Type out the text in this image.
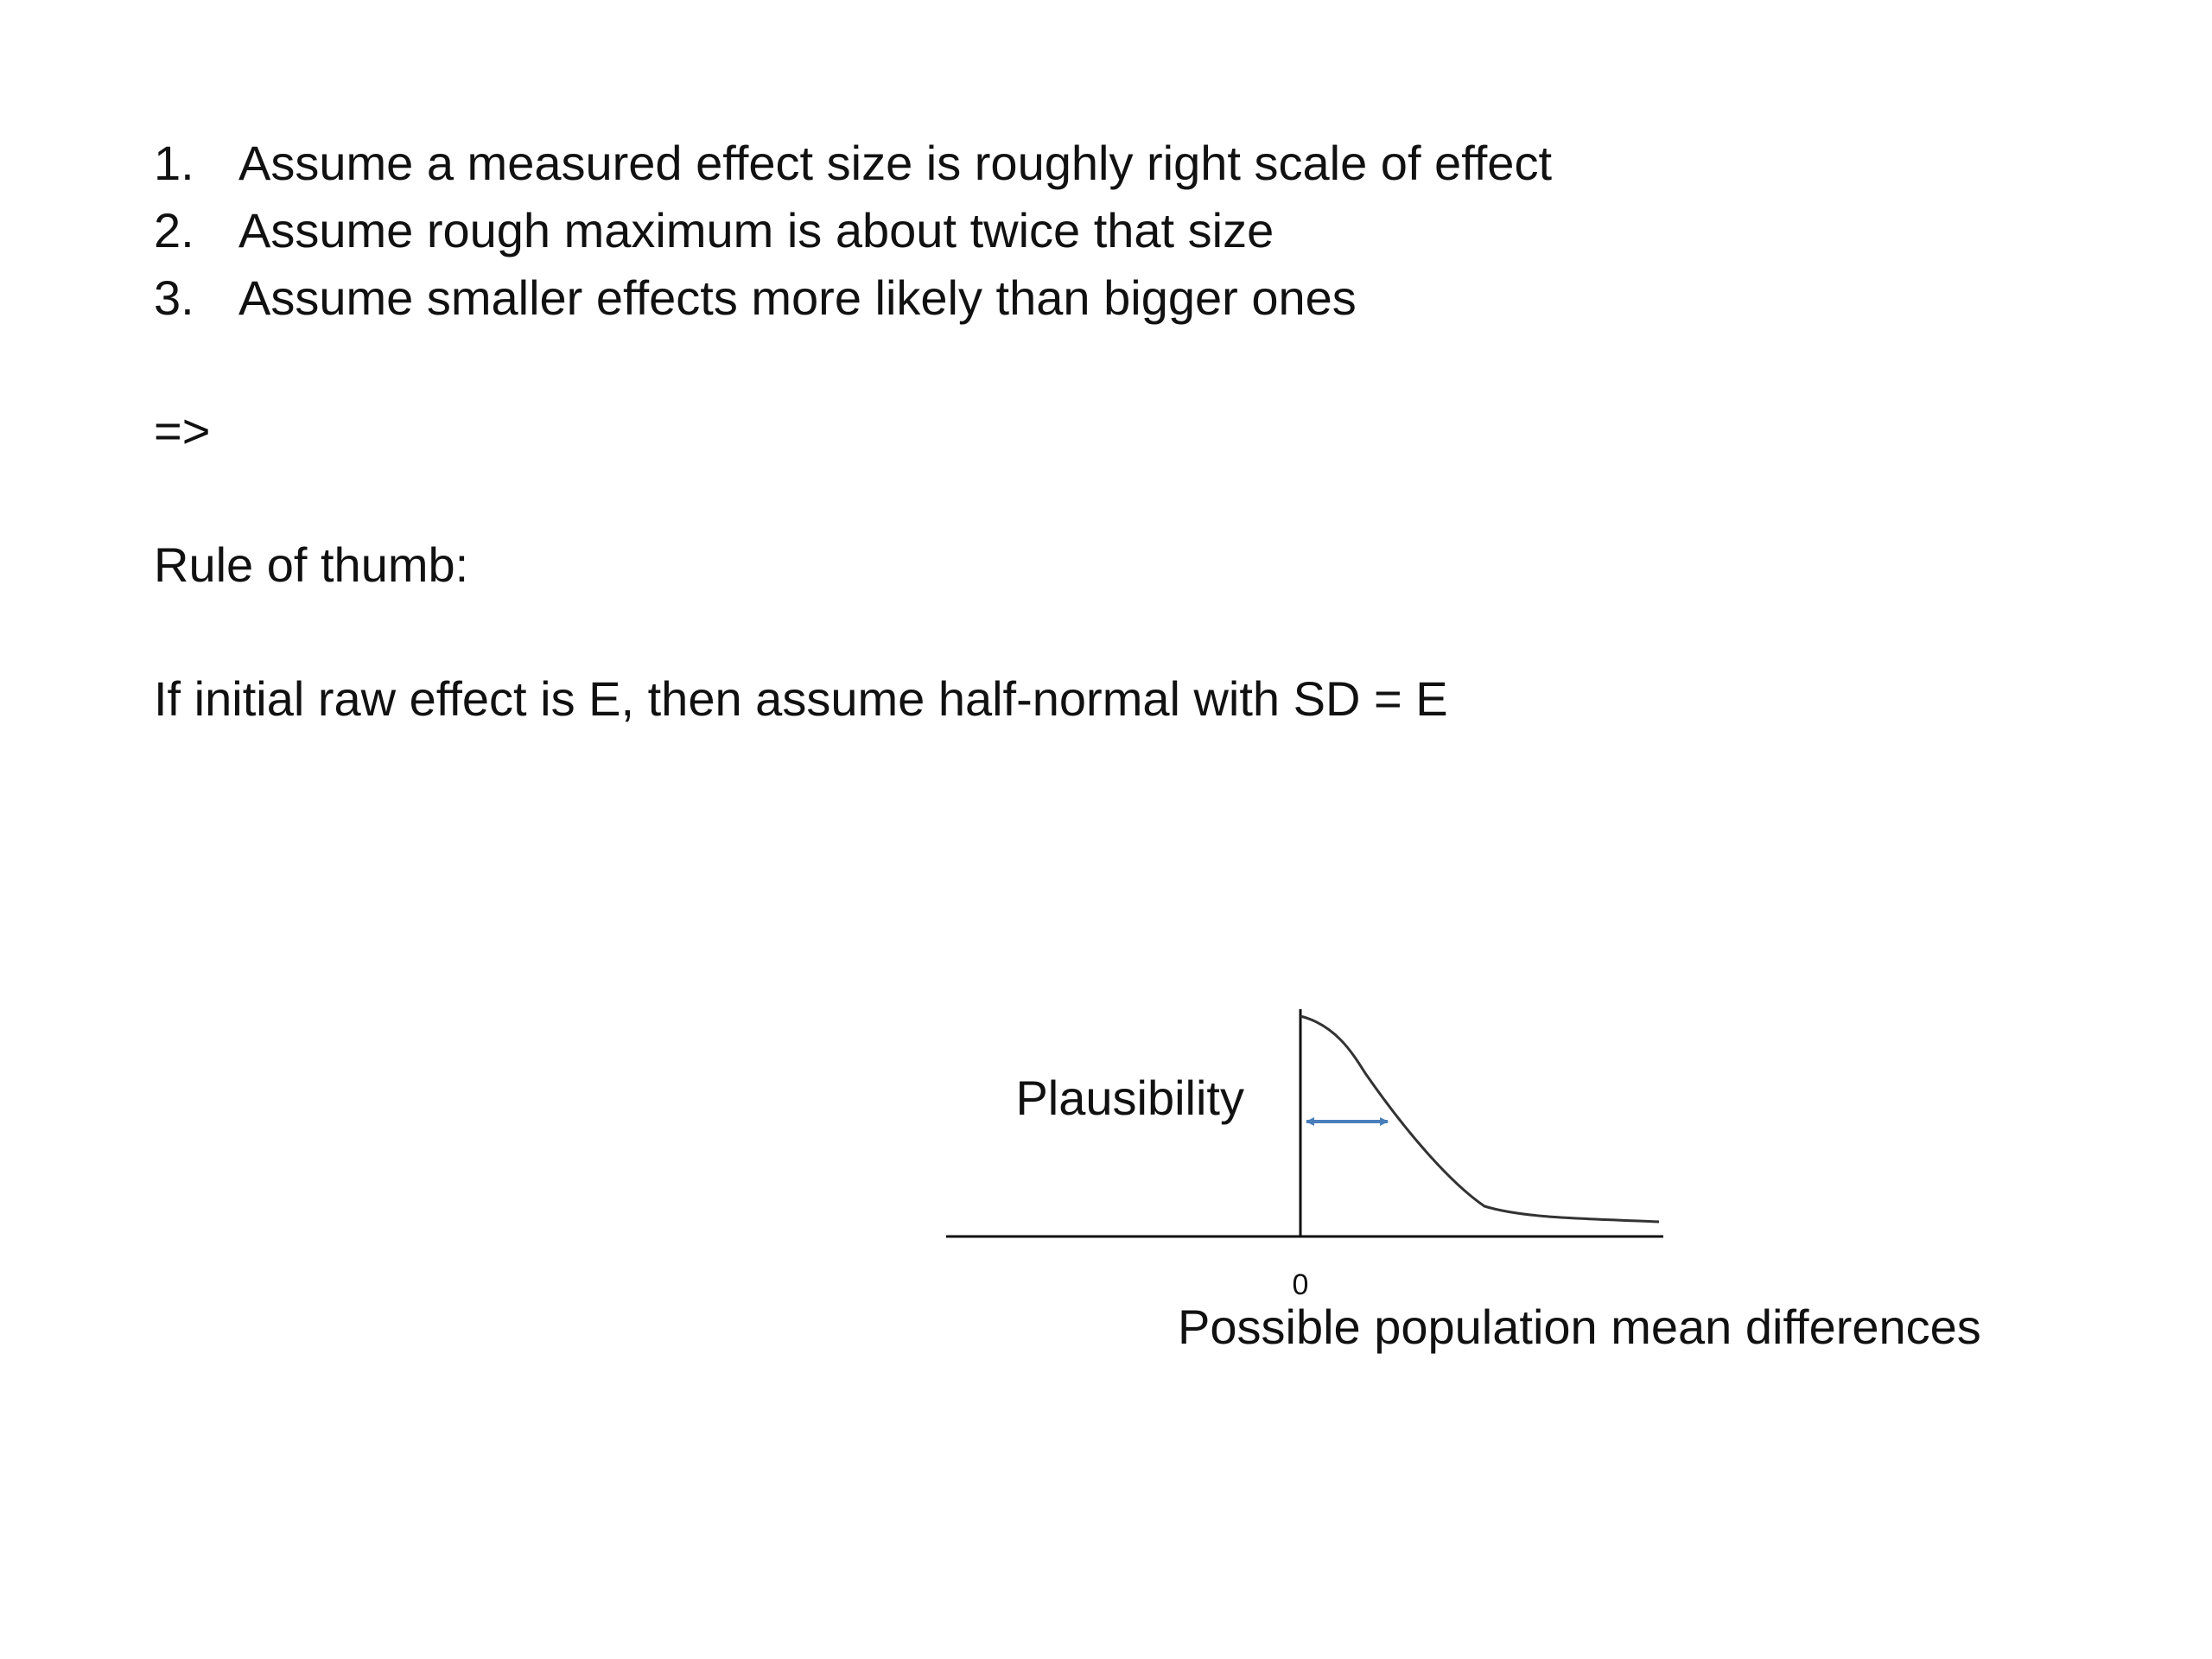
1. Assume a measured effect size is roughly right scale of effect
2. Assume rough maximum is about twice that size
3. Assume smaller effects more likely than bigger ones
=>
Rule of thumb:
If initial raw effect is E, then assume half-normal with SD = E
Plausibility
0
Possible population mean differences
